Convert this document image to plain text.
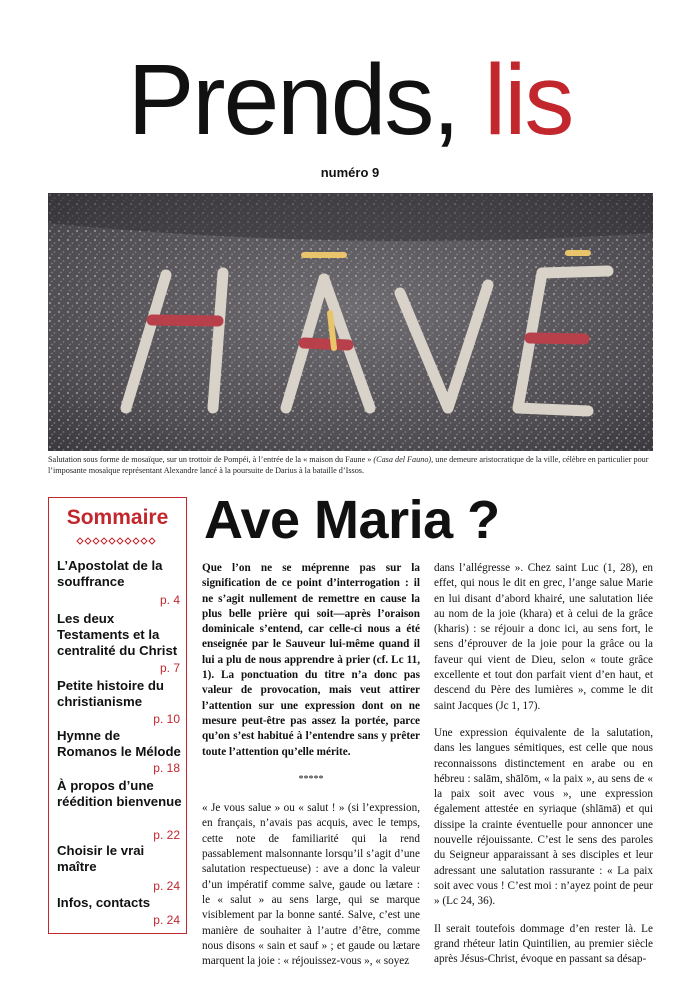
Prends, lis
numéro 9
Salutation sous forme de mosaïque, sur un trottoir de Pompéi, à l’entrée de la « maison du Faune » (Casa del Fauno), une demeure aristocratique de la ville, célèbre en particulier pour l’imposante mosaïque représentant Alexandre lancé à la poursuite de Darius à la bataille d’Issos.
Sommaire
L’Apostolat de la souffrance
p. 4
Les deux Testaments et la centralité du Christ
p. 7
Petite histoire du christianisme
p. 10
Hymne de Romanos le Mélode
p. 18
À propos d’une réédition bienvenue
p. 22
Choisir le vrai maître
p. 24
Infos, contacts
p. 24
Ave Maria ?

Que l’on ne se méprenne pas sur la signification de ce point d’interrogation : il ne s’agit nullement de remettre en cause la plus belle prière qui soit—après l’oraison dominicale s’entend, car celle-ci nous a été enseignée par le Sauveur lui-même quand il lui a plu de nous apprendre à prier (cf. Lc 11, 1). La ponctuation du titre n’a donc pas valeur de provocation, mais veut attirer l’attention sur une expression dont on ne mesure peut-être pas assez la portée, parce qu’on s’est habitué à l’entendre sans y prêter toute l’attention qu’elle mérite.

*****

« Je vous salue » ou « salut ! » (si l’expression, en français, n’avais pas acquis, avec le temps, cette note de familiarité qui la rend passablement malsonnante lorsqu’il s’agit d’une salutation respectueuse) : ave a donc la valeur d’un impératif comme salve, gaude ou lætare : le « salut » au sens large, qui se marque visiblement par la bonne santé. Salve, c’est une manière de souhaiter à l’autre d’être, comme nous disons « sain et sauf » ; et gaude ou lætare marquent la joie : « réjouissez-vous », « soyez

dans l’allégresse ». Chez saint Luc (1, 28), en effet, qui nous le dit en grec, l’ange salue Marie en lui disant d’abord khairé, une salutation liée au nom de la joie (khara) et à celui de la grâce (kharis) : se réjouir a donc ici, au sens fort, le sens d’éprouver de la joie pour la grâce ou la faveur qui vient de Dieu, selon « toute grâce excellente et tout don parfait vient d’en haut, et descend du Père des lumières », comme le dit saint Jacques (Jc 1, 17).

Une expression équivalente de la salutation, dans les langues sémitiques, est celle que nous reconnaissons distinctement en arabe ou en hébreu : salām, shālōm, « la paix », au sens de « la paix soit avec vous », une expression également attestée en syriaque (shlāmā) et qui dissipe la crainte éventuelle pour annoncer une nouvelle réjouissante. C’est le sens des paroles du Seigneur apparaissant à ses disciples et leur adressant une salutation rassurante : « La paix soit avec vous ! C’est moi : n’ayez point de peur » (Lc 24, 36).

Il serait toutefois dommage d’en rester là. Le grand rhéteur latin Quintilien, au premier siècle après Jésus-Christ, évoque en passant sa désap-
